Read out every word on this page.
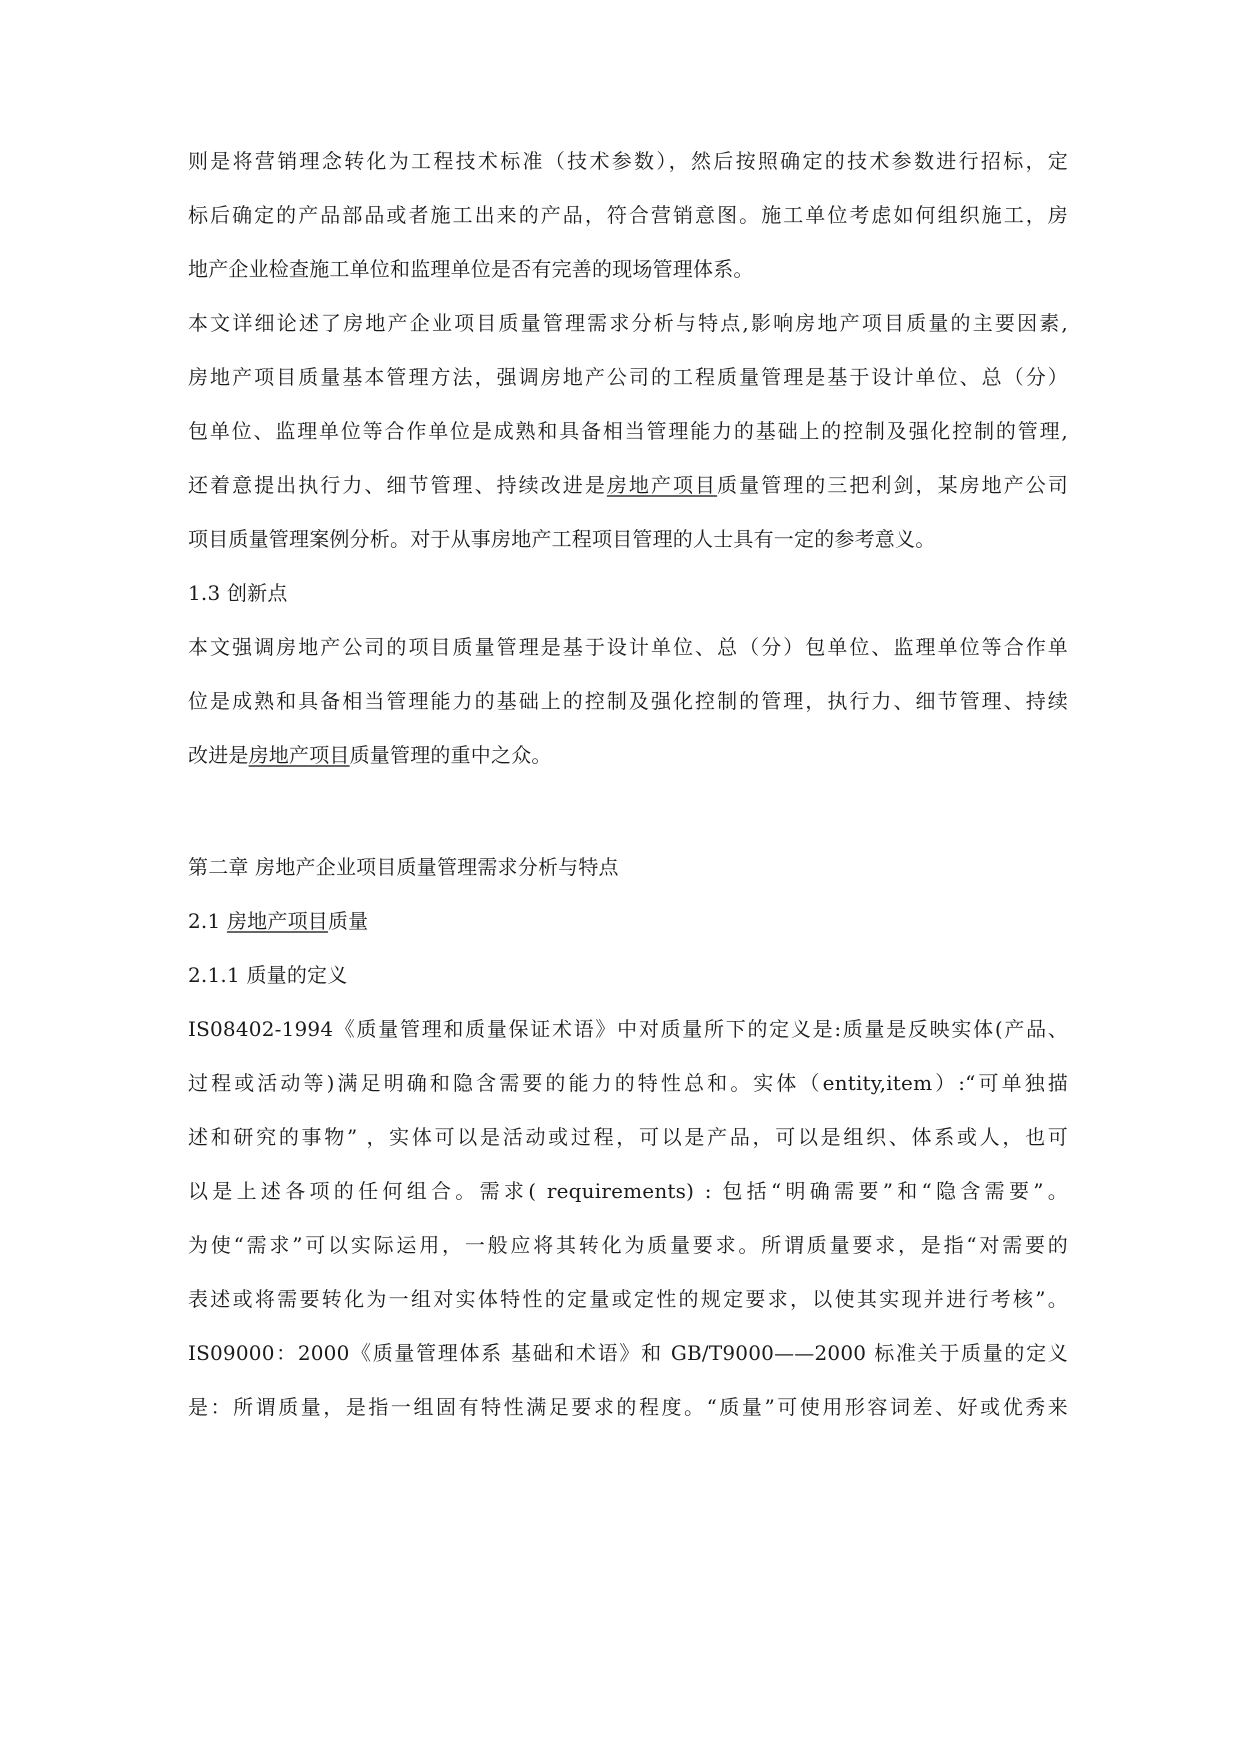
则是将营销理念转化为工程技术标准（技术参数），然后按照确定的技术参数进行招标，定
标后确定的产品部品或者施工出来的产品，符合营销意图。施工单位考虑如何组织施工，房
地产企业检查施工单位和监理单位是否有完善的现场管理体系。
本文详细论述了房地产企业项目质量管理需求分析与特点,影响房地产项目质量的主要因素,
房地产项目质量基本管理方法，强调房地产公司的工程质量管理是基于设计单位、总（分）
包单位、监理单位等合作单位是成熟和具备相当管理能力的基础上的控制及强化控制的管理,
还着意提出执行力、细节管理、持续改进是房地产项目质量管理的三把利剑，某房地产公司
项目质量管理案例分析。对于从事房地产工程项目管理的人士具有一定的参考意义。
1.3 创新点
本文强调房地产公司的项目质量管理是基于设计单位、总（分）包单位、监理单位等合作单
位是成熟和具备相当管理能力的基础上的控制及强化控制的管理，执行力、细节管理、持续
改进是房地产项目质量管理的重中之众。
第二章 房地产企业项目质量管理需求分析与特点
2.1 房地产项目质量
2.1.1 质量的定义
IS08402-1994《质量管理和质量保证术语》中对质量所下的定义是:质量是反映实体(产品、
过程或活动等)满足明确和隐含需要的能力的特性总和。实体（entity,item）:“可单独描
述和研究的事物” ，实体可以是活动或过程，可以是产品，可以是组织、体系或人，也可
以是上述各项的任何组合。需求( requirements) : 包括“明确需要”和“隐含需要”。
为使“需求”可以实际运用，一般应将其转化为质量要求。所谓质量要求，是指“对需要的
表述或将需要转化为一组对实体特性的定量或定性的规定要求，以使其实现并进行考核”。
IS09000：2000《质量管理体系 基础和术语》和 GB/T9000——2000 标准关于质量的定义
是：所谓质量，是指一组固有特性满足要求的程度。“质量”可使用形容词差、好或优秀来
